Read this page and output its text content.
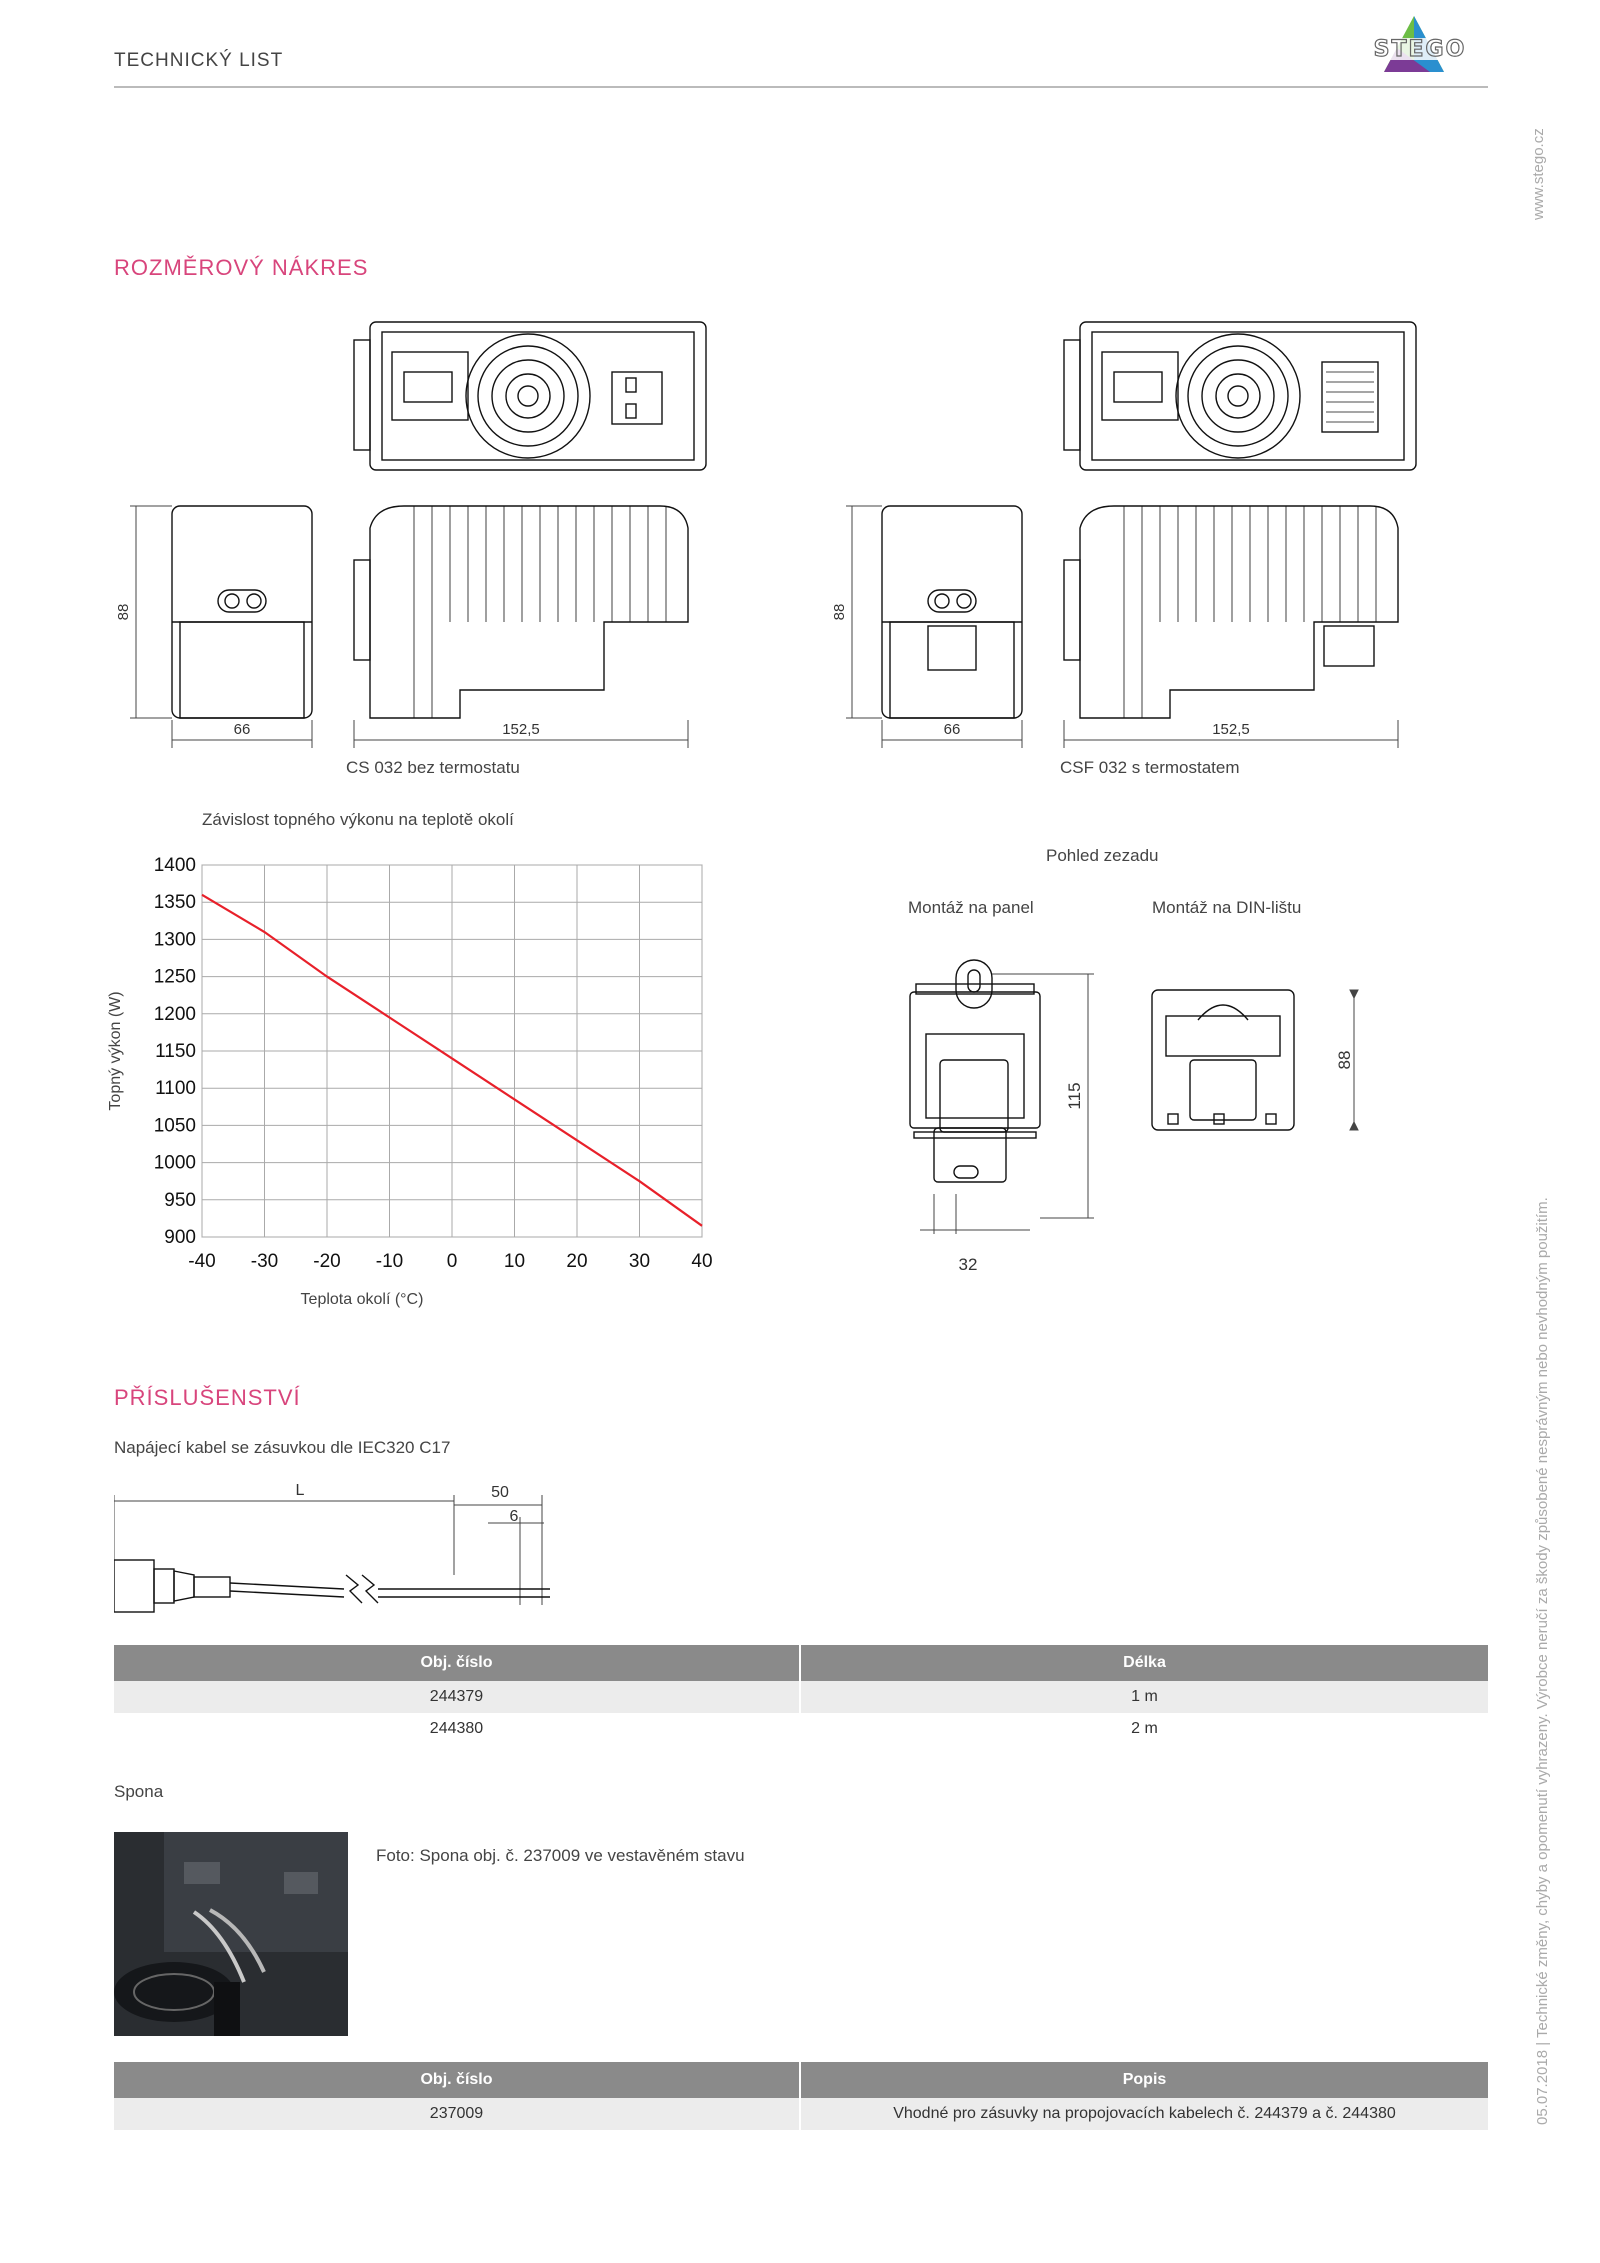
TECHNICKÝ LIST	STEGO
www.stego.cz
05.07.2018 | Technické změny, chyby a opomenutí vyhrazeny. Výrobce neručí za škody způsobené nesprávným nebo nevhodným použitím.
ROZMĚROVÝ NÁKRES
88
66	152,5
88
66	152,5
CS 032 bez termostatu	CSF 032 s termostatem
Závislost topného výkonu na teplotě okolí
900
950
1000
1050
1100
1150
1200
1250
1300
1350
1400
-40 -30 -20 -10 0 10 20 30 40
Topný výkon (W)
Teplota okolí (°C)
Pohled zezadu
Montáž na panel	Montáž na DIN-lištu
115
32
88
PŘÍSLUŠENSTVÍ
Napájecí kabel se zásuvkou dle IEC320 C17
L	50
6
Obj. číslo	Délka
244379	1 m
244380	2 m
Spona
Foto: Spona obj. č. 237009 ve vestavěném stavu
Obj. číslo	Popis
237009	Vhodné pro zásuvky na propojovacích kabelech č. 244379 a č. 244380
